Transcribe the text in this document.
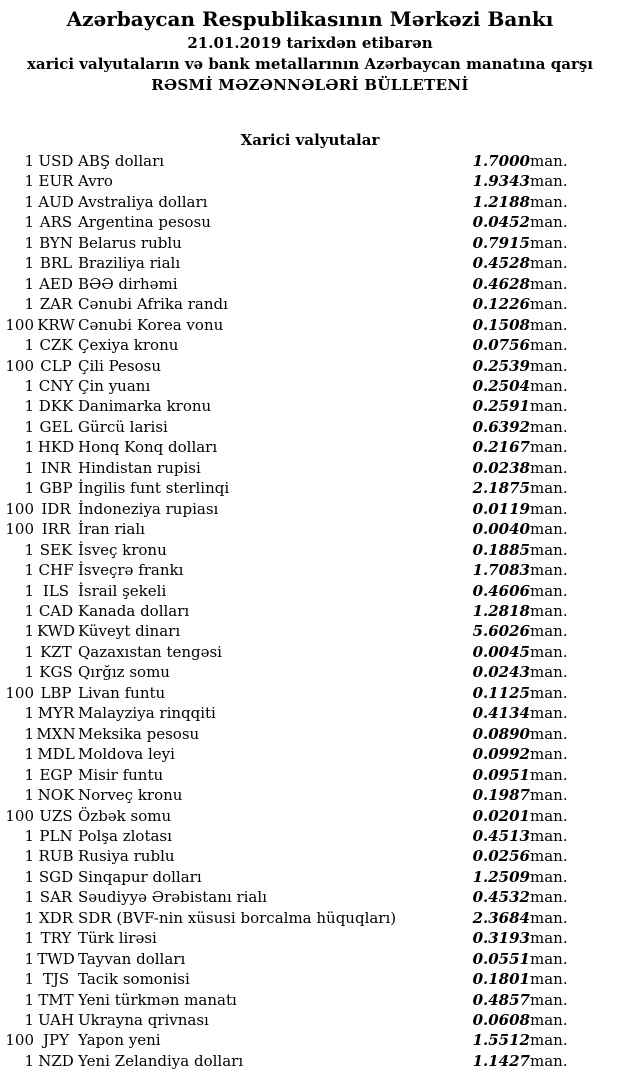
Azərbaycan Respublikasının Mərkəzi Bankı
21.01.2019 tarixdən etibarən
xarici valyutaların və bank metallarının Azərbaycan manatına qarşı
RƏSMİ MƏZƏNNƏLƏRİ BÜLLETENİ
Xarici valyutalar
1	USD	ABŞ dolları	1.7000	man.
1	EUR	Avro	1.9343	man.
1	AUD	Avstraliya dolları	1.2188	man.
1	ARS	Argentina pesosu	0.0452	man.
1	BYN	Belarus rublu	0.7915	man.
1	BRL	Braziliya rialı	0.4528	man.
1	AED	BƏƏ dirhəmi	0.4628	man.
1	ZAR	Cənubi Afrika randı	0.1226	man.
100	KRW	Cənubi Korea vonu	0.1508	man.
1	CZK	Çexiya kronu	0.0756	man.
100	CLP	Çili Pesosu	0.2539	man.
1	CNY	Çin yuanı	0.2504	man.
1	DKK	Danimarka kronu	0.2591	man.
1	GEL	Gürcü larisi	0.6392	man.
1	HKD	Honq Konq dolları	0.2167	man.
1	INR	Hindistan rupisi	0.0238	man.
1	GBP	İngilis funt sterlinqi	2.1875	man.
100	IDR	İndoneziya rupiası	0.0119	man.
100	IRR	İran rialı	0.0040	man.
1	SEK	İsveç kronu	0.1885	man.
1	CHF	İsveçrə frankı	1.7083	man.
1	ILS	İsrail şekeli	0.4606	man.
1	CAD	Kanada dolları	1.2818	man.
1	KWD	Küveyt dinarı	5.6026	man.
1	KZT	Qazaxıstan tengəsi	0.0045	man.
1	KGS	Qırğız somu	0.0243	man.
100	LBP	Livan funtu	0.1125	man.
1	MYR	Malayziya rinqqiti	0.4134	man.
1	MXN	Meksika pesosu	0.0890	man.
1	MDL	Moldova leyi	0.0992	man.
1	EGP	Misir funtu	0.0951	man.
1	NOK	Norveç kronu	0.1987	man.
100	UZS	Özbək somu	0.0201	man.
1	PLN	Polşa zlotası	0.4513	man.
1	RUB	Rusiya rublu	0.0256	man.
1	SGD	Sinqapur dolları	1.2509	man.
1	SAR	Səudiyyə Ərəbistanı rialı	0.4532	man.
1	XDR	SDR (BVF-nin xüsusi borcalma hüquqları)	2.3684	man.
1	TRY	Türk lirəsi	0.3193	man.
1	TWD	Tayvan dolları	0.0551	man.
1	TJS	Tacik somonisi	0.1801	man.
1	TMT	Yeni türkmən manatı	0.4857	man.
1	UAH	Ukrayna qrivnası	0.0608	man.
100	JPY	Yapon yeni	1.5512	man.
1	NZD	Yeni Zelandiya dolları	1.1427	man.
